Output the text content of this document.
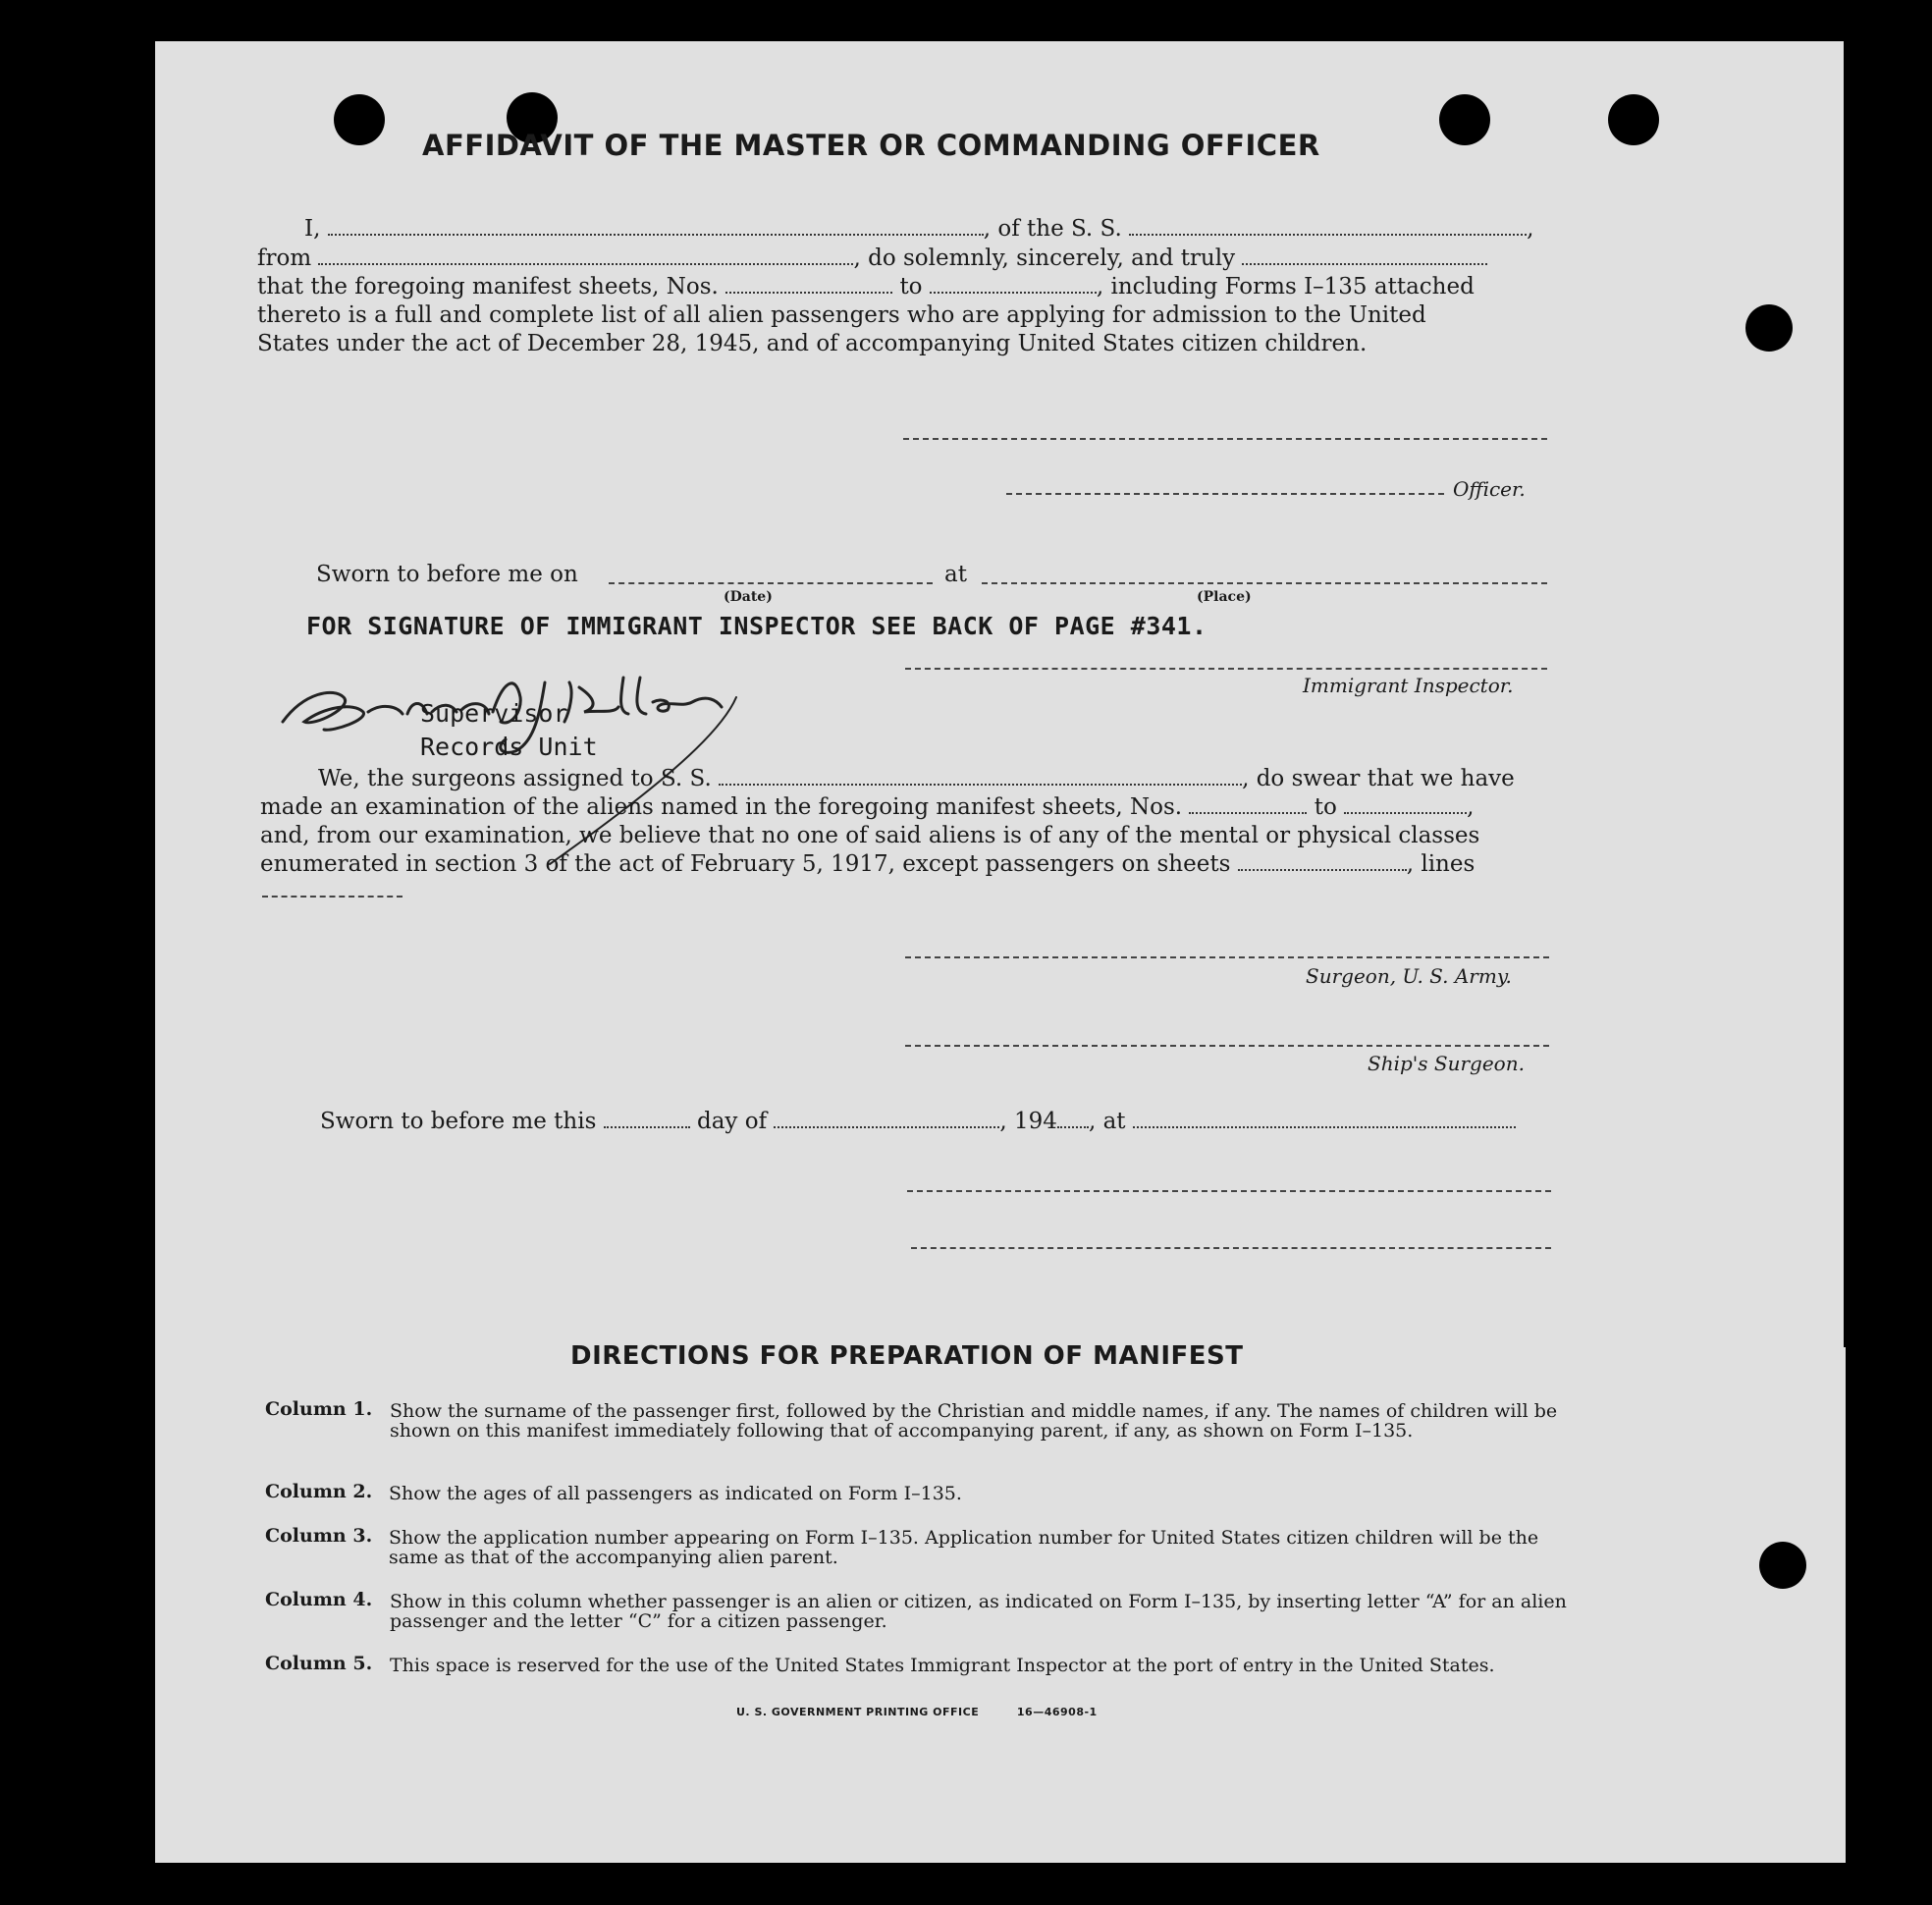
AFFIDAVIT OF THE MASTER OR COMMANDING OFFICER
I,	, of the S. S.	,
from	, do solemnly, sincerely, and truly
that the foregoing manifest sheets, Nos.	to	, including Forms I–135 attached
thereto is a full and complete list of all alien passengers who are applying for admission to the United
States under the act of December 28, 1945, and of accompanying United States citizen children.
Officer.
Sworn to before me on	at
(Date)	(Place)
FOR SIGNATURE OF IMMIGRANT INSPECTOR SEE BACK OF PAGE #341.
Immigrant Inspector.
Supervisor
Records Unit
We, the surgeons assigned to S. S.	, do swear that we have
made an examination of the aliens named in the foregoing manifest sheets, Nos.	to	,
and, from our examination, we believe that no one of said aliens is of any of the mental or physical classes
enumerated in section 3 of the act of February 5, 1917, except passengers on sheets	, lines
Surgeon, U. S. Army.
Ship's Surgeon.
Sworn to before me this	day of	, 194 , at
DIRECTIONS FOR PREPARATION OF MANIFEST
Column 1. Show the surname of the passenger first, followed by the Christian and middle names, if any. The names of children will be shown on this manifest immediately following that of accompanying parent, if any, as shown on Form I–135.
Column 2. Show the ages of all passengers as indicated on Form I–135.
Column 3. Show the application number appearing on Form I–135. Application number for United States citizen children will be the same as that of the accompanying alien parent.
Column 4. Show in this column whether passenger is an alien or citizen, as indicated on Form I–135, by inserting letter “A” for an alien passenger and the letter “C” for a citizen passenger.
Column 5. This space is reserved for the use of the United States Immigrant Inspector at the port of entry in the United States.
U. S. GOVERNMENT PRINTING OFFICE	16—46908-1
